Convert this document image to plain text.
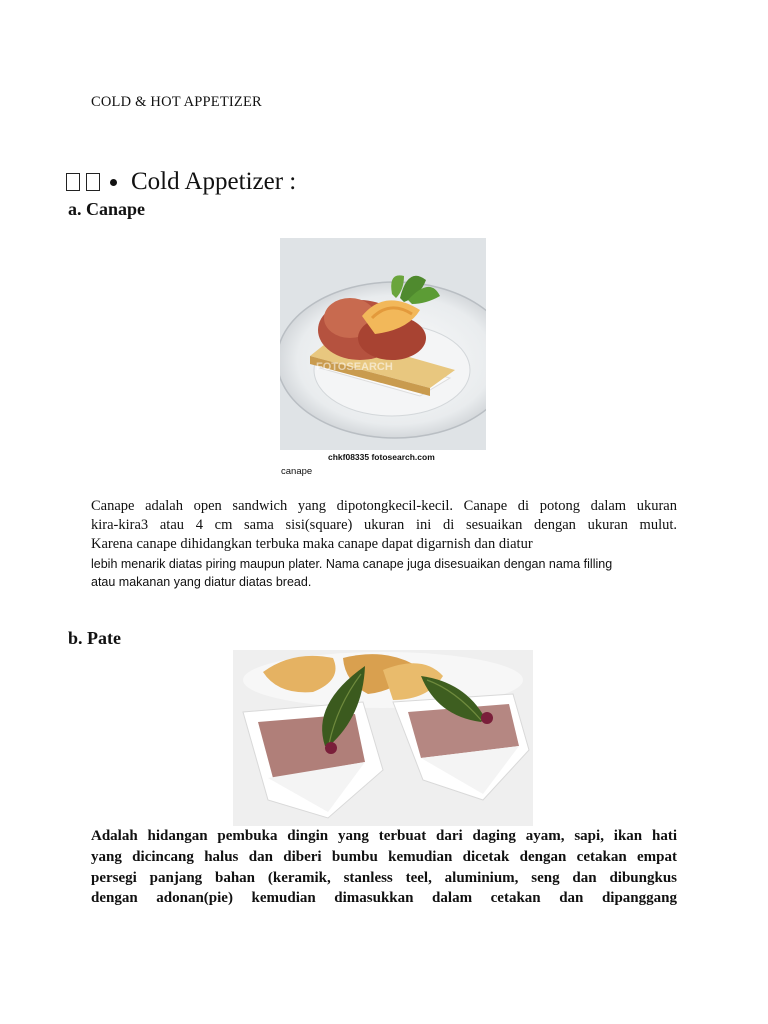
COLD & HOT APPETIZER
Cold Appetizer :
a. Canape
FOTOSEARCH
chkf08335 fotosearch.com
canape
Canape adalah open sandwich yang dipotongkecil-kecil. Canape di potong dalam ukuran
kira-kira3 atau 4 cm sama sisi(square) ukuran ini di sesuaikan dengan ukuran mulut.
Karena canape dihidangkan terbuka maka canape dapat digarnish dan diatur
lebih menarik diatas piring maupun plater. Nama canape juga disesuaikan dengan nama filling
atau makanan yang diatur diatas bread.
b. Pate
Adalah hidangan pembuka dingin yang terbuat dari daging ayam, sapi, ikan hati
yang dicincang halus dan diberi bumbu kemudian dicetak dengan cetakan empat
persegi panjang bahan (keramik, stanless teel, aluminium, seng dan dibungkus
dengan adonan(pie) kemudian dimasukkan dalam cetakan dan dipanggang
